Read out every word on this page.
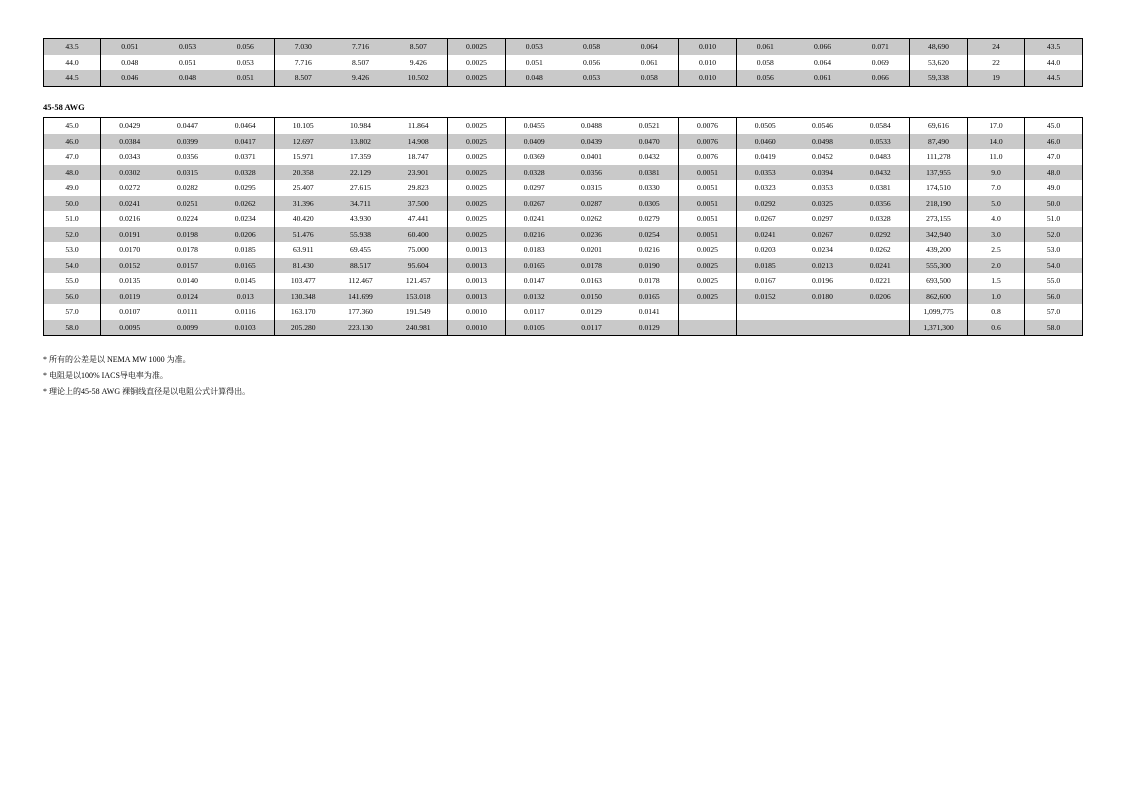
43.5	0.051	0.053	0.056	7.030	7.716	8.507	0.0025	0.053	0.058	0.064	0.010	0.061	0.066	0.071	48,690	24	43.5
44.0	0.048	0.051	0.053	7.716	8.507	9.426	0.0025	0.051	0.056	0.061	0.010	0.058	0.064	0.069	53,620	22	44.0
44.5	0.046	0.048	0.051	8.507	9.426	10.502	0.0025	0.048	0.053	0.058	0.010	0.056	0.061	0.066	59,338	19	44.5
45-58 AWG
45.0	0.0429	0.0447	0.0464	10.105	10.984	11.864	0.0025	0.0455	0.0488	0.0521	0.0076	0.0505	0.0546	0.0584	69,616	17.0	45.0
46.0	0.0384	0.0399	0.0417	12.697	13.802	14.908	0.0025	0.0409	0.0439	0.0470	0.0076	0.0460	0.0498	0.0533	87,490	14.0	46.0
47.0	0.0343	0.0356	0.0371	15.971	17.359	18.747	0.0025	0.0369	0.0401	0.0432	0.0076	0.0419	0.0452	0.0483	111,278	11.0	47.0
48.0	0.0302	0.0315	0.0328	20.358	22.129	23.901	0.0025	0.0328	0.0356	0.0381	0.0051	0.0353	0.0394	0.0432	137,955	9.0	48.0
49.0	0.0272	0.0282	0.0295	25.407	27.615	29.823	0.0025	0.0297	0.0315	0.0330	0.0051	0.0323	0.0353	0.0381	174,510	7.0	49.0
50.0	0.0241	0.0251	0.0262	31.396	34.711	37.500	0.0025	0.0267	0.0287	0.0305	0.0051	0.0292	0.0325	0.0356	218,190	5.0	50.0
51.0	0.0216	0.0224	0.0234	40.420	43.930	47.441	0.0025	0.0241	0.0262	0.0279	0.0051	0.0267	0.0297	0.0328	273,155	4.0	51.0
52.0	0.0191	0.0198	0.0206	51.476	55.938	60.400	0.0025	0.0216	0.0236	0.0254	0.0051	0.0241	0.0267	0.0292	342,940	3.0	52.0
53.0	0.0170	0.0178	0.0185	63.911	69.455	75.000	0.0013	0.0183	0.0201	0.0216	0.0025	0.0203	0.0234	0.0262	439,200	2.5	53.0
54.0	0.0152	0.0157	0.0165	81.430	88.517	95.604	0.0013	0.0165	0.0178	0.0190	0.0025	0.0185	0.0213	0.0241	555,300	2.0	54.0
55.0	0.0135	0.0140	0.0145	103.477	112.467	121.457	0.0013	0.0147	0.0163	0.0178	0.0025	0.0167	0.0196	0.0221	693,500	1.5	55.0
56.0	0.0119	0.0124	0.013	130.348	141.699	153.018	0.0013	0.0132	0.0150	0.0165	0.0025	0.0152	0.0180	0.0206	862,600	1.0	56.0
57.0	0.0107	0.0111	0.0116	163.170	177.360	191.549	0.0010	0.0117	0.0129	0.0141					1,099,775	0.8	57.0
58.0	0.0095	0.0099	0.0103	205.280	223.130	240.981	0.0010	0.0105	0.0117	0.0129					1,371,300	0.6	58.0
* 所有的公差是以 NEMA MW 1000 为准。
* 电阻是以100% IACS导电率为准。
* 理论上的45-58 AWG 裸铜线直径是以电阻公式计算得出。
